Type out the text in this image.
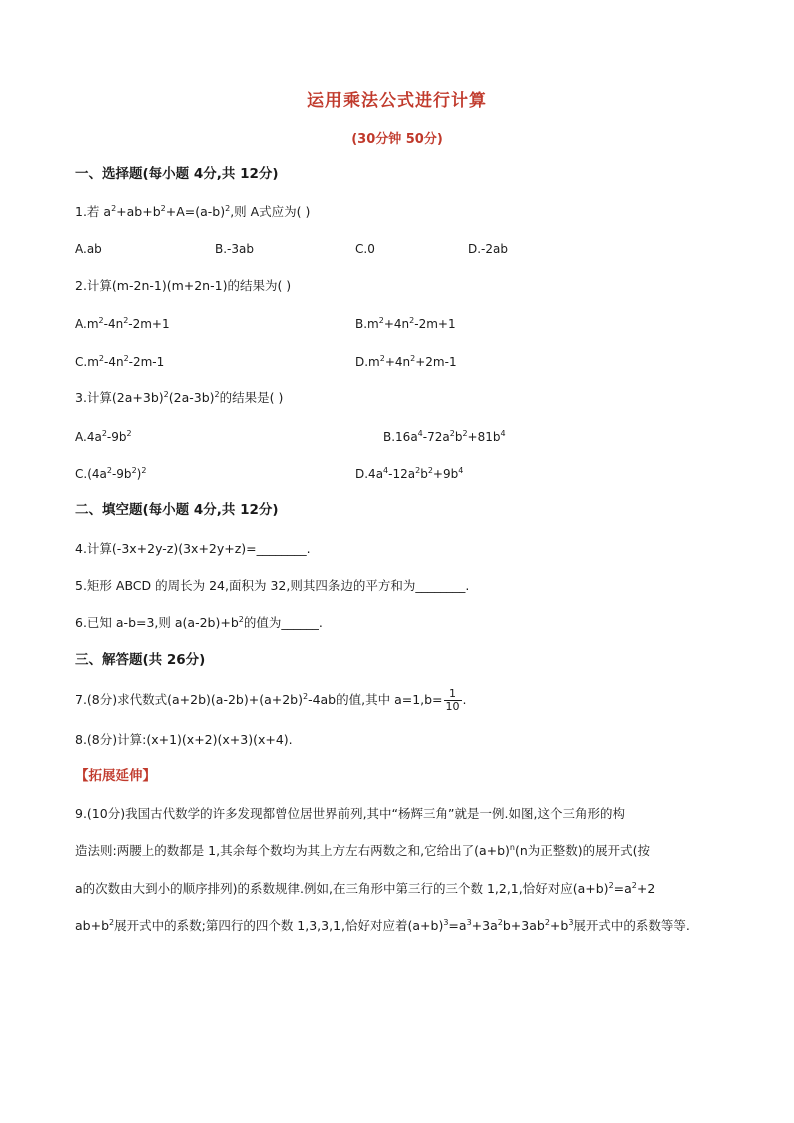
运用乘法公式进行计算
(30分钟 50分)
一、选择题(每小题 4分,共 12分)
1.若 $a^2+ab+b^2+A=(a-b)^2$,则 A式应为( )
A.ab	B.-3ab	C.0	D.-2ab
2.计算(m-2n-1)(m+2n-1)的结果为( )
$A.m^2-4n^2-2m+1$	$B.m^2+4n^2-2m+1$
$C.m^2-4n^2-2m-1$	$D.m^2+4n^2+2m-1$
3.计算$(2a+3b)^2(2a-3b)^2$的结果是( )
$A.4a^2-9b^2$	$B.16a^4-72a^2b^2+81b^4$
$C.(4a^2-9b^2)^2$	$D.4a^4-12a^2b^2+9b^4$
二、填空题(每小题 4分,共 12分)
4.计算(-3x+2y-z)(3x+2y+z)=________.
5.矩形 ABCD 的周长为 24,面积为 32,则其四条边的平方和为________.
6.已知 a-b=3,则 $a(a-2b)+b^2$的值为______.
三、解答题(共 26分)
7.(8分)求代数式$(a+2b)(a-2b)+(a+2b)^2-4ab$的值,其中 $a=1,b= \frac{1}{10}$ .
8.(8分)计算:(x+1)(x+2)(x+3)(x+4).
【拓展延伸】
9.(10分)我国古代数学的许多发现都曾位居世界前列,其中“杨辉三角”就是一例.如图,这个三角形的构
造法则:两腰上的数都是 1,其余每个数均为其上方左右两数之和,它给出了$(a+b)^n(n$为正整数)的展开式(按
a的次数由大到小的顺序排列)的系数规律.例如,在三角形中第三行的三个数 1,2,1,恰好对应$(a+b)^2=a^2+2$
$ab+b^2$展开式中的系数;第四行的四个数 1,3,3,1,恰好对应着$(a+b)^3=a^3+3a^2b+3ab^2+b^3$展开式中的系数等等.
